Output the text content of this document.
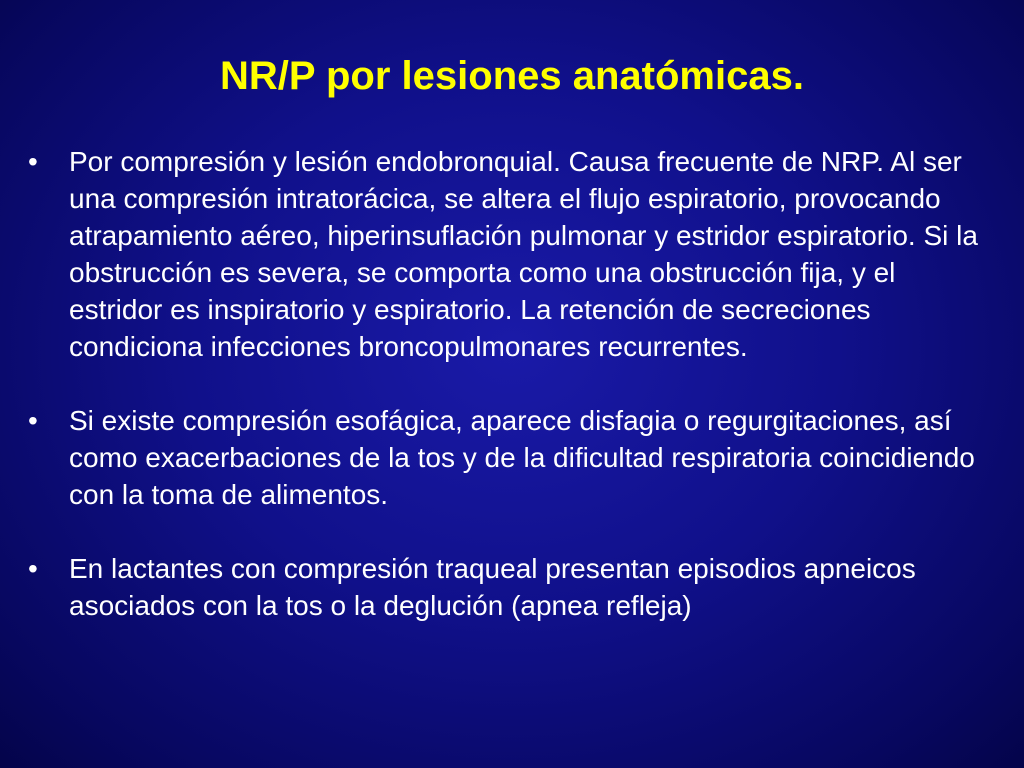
NR/P por lesiones anatómicas.
• Por compresión y lesión endobronquial. Causa frecuente de NRP. Al ser una compresión intratorácica, se altera el flujo espiratorio, provocando atrapamiento aéreo, hiperinsuflación pulmonar y estridor espiratorio. Si la obstrucción es severa, se comporta como una obstrucción fija, y el estridor es inspiratorio y espiratorio. La retención de secreciones condiciona infecciones broncopulmonares recurrentes.
• Si existe compresión esofágica, aparece disfagia o regurgitaciones, así como exacerbaciones de la tos y de la dificultad respiratoria coincidiendo con la toma de alimentos.
• En lactantes con compresión traqueal presentan episodios apneicos asociados con la tos o la deglución (apnea refleja)
